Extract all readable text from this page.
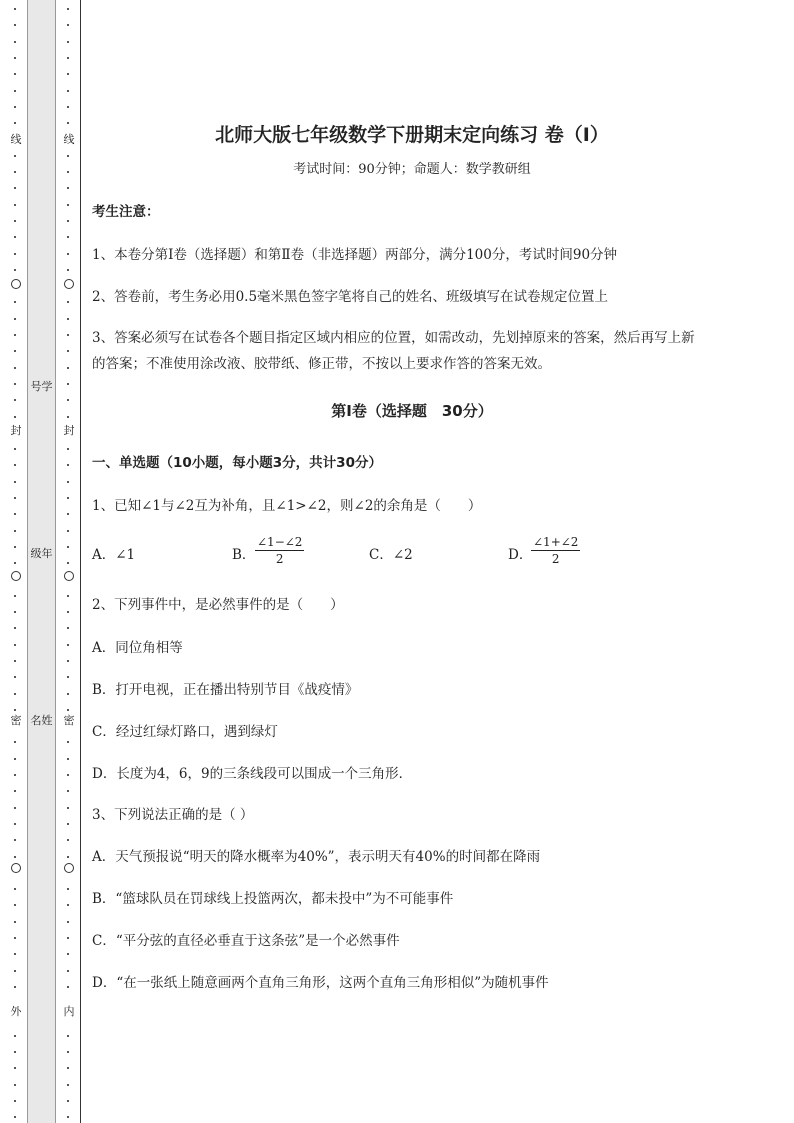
线
封
密
外
号学
级年
名姓
线
封
密
内
北师大版七年级数学下册期末定向练习 卷（Ⅰ）
考试时间：90分钟；命题人：数学教研组
考生注意：
1、本卷分第Ⅰ卷（选择题）和第Ⅱ卷（非选择题）两部分，满分100分，考试时间90分钟
2、答卷前，考生务必用0.5毫米黑色签字笔将自己的姓名、班级填写在试卷规定位置上
3、答案必须写在试卷各个题目指定区域内相应的位置，如需改动，先划掉原来的答案，然后再写上新
的答案；不准使用涂改液、胶带纸、修正带，不按以上要求作答的答案无效。
第Ⅰ卷（选择题　30分）
一、单选题（10小题，每小题3分，共计30分）
1、已知∠1与∠2互为补角，且∠1>∠2，则∠2的余角是（　　）
A．∠1	B． $\frac{\angle 1-\angle 2}{2}$	C．∠2	D．
$\frac{\angle 1+\angle 2}{2}$
2、下列事件中，是必然事件的是（　　）
A．同位角相等
B．打开电视，正在播出特别节目《战疫情》
C．经过红绿灯路口，遇到绿灯
D．长度为4，6，9的三条线段可以围成一个三角形．
3、下列说法正确的是（ ）
A．天气预报说“明天的降水概率为40%”，表示明天有40%的时间都在降雨
B．“篮球队员在罚球线上投篮两次，都未投中”为不可能事件
C．“平分弦的直径必垂直于这条弦”是一个必然事件
D．“在一张纸上随意画两个直角三角形，这两个直角三角形相似”为随机事件
